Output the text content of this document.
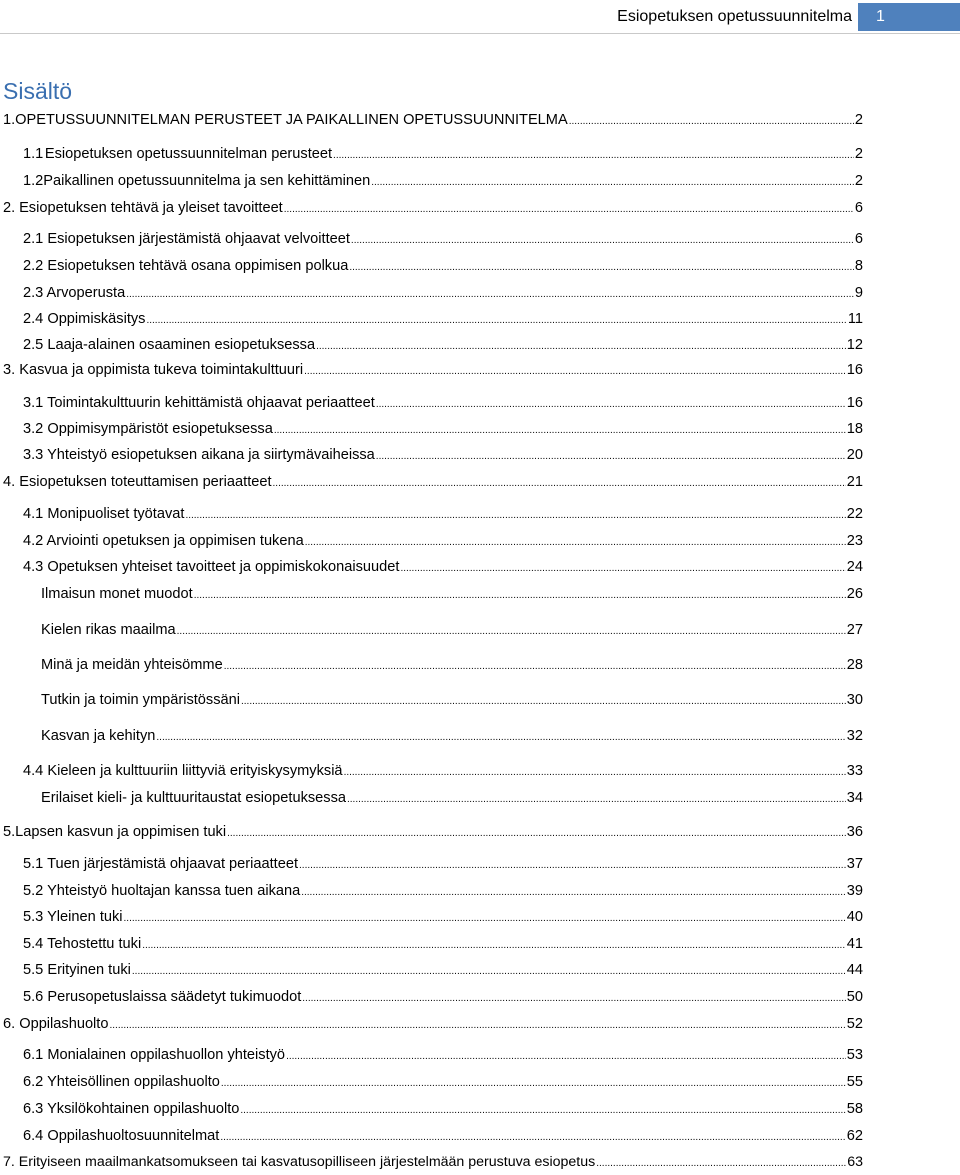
Esiopetuksen opetussuunnitelma	1
Sisältö
1. OPETUSSUUNNITELMAN PERUSTEET JA PAIKALLINEN OPETUSSUUNNITELMA .....	2
1.1 Esiopetuksen opetussuunnitelman perusteet .....	2
1.2 Paikallinen opetussuunnitelma ja sen kehittäminen .....	2
2. Esiopetuksen tehtävä ja yleiset tavoitteet .....	6
2.1 Esiopetuksen järjestämistä ohjaavat velvoitteet .....	6
2.2 Esiopetuksen tehtävä osana oppimisen polkua .....	8
2.3 Arvoperusta .....	9
2.4 Oppimiskäsitys .....	11
2.5 Laaja-alainen osaaminen esiopetuksessa .....	12
3. Kasvua ja oppimista tukeva toimintakulttuuri .....	16
3.1 Toimintakulttuurin kehittämistä ohjaavat periaatteet .....	16
3.2 Oppimisympäristöt esiopetuksessa .....	18
3.3 Yhteistyö esiopetuksen aikana ja siirtymävaiheissa .....	20
4. Esiopetuksen toteuttamisen periaatteet .....	21
4.1 Monipuoliset työtavat .....	22
4.2 Arviointi opetuksen ja oppimisen tukena .....	23
4.3 Opetuksen yhteiset tavoitteet ja oppimiskokonaisuudet .....	24
Ilmaisun monet muodot .....	26
Kielen rikas maailma .....	27
Minä ja meidän yhteisömme .....	28
Tutkin ja toimin ympäristössäni .....	30
Kasvan ja kehityn .....	32
4.4 Kieleen ja kulttuuriin liittyviä erityiskysymyksiä .....	33
Erilaiset kieli- ja kulttuuritaustat esiopetuksessa .....	34
5. Lapsen kasvun ja oppimisen tuki .....	36
5.1 Tuen järjestämistä ohjaavat periaatteet .....	37
5.2 Yhteistyö huoltajan kanssa tuen aikana .....	39
5.3 Yleinen tuki .....	40
5.4 Tehostettu tuki .....	41
5.5 Erityinen tuki .....	44
5.6 Perusopetuslaissa säädetyt tukimuodot .....	50
6. Oppilashuolto .....	52
6.1 Monialainen oppilashuollon yhteistyö .....	53
6.2 Yhteisöllinen oppilashuolto .....	55
6.3 Yksilökohtainen oppilashuolto .....	58
6.4 Oppilashuoltosuunnitelmat .....	62
7. Erityiseen maailmankatsomukseen tai kasvatusopilliseen järjestelmään perustuva esiopetus .....	63
